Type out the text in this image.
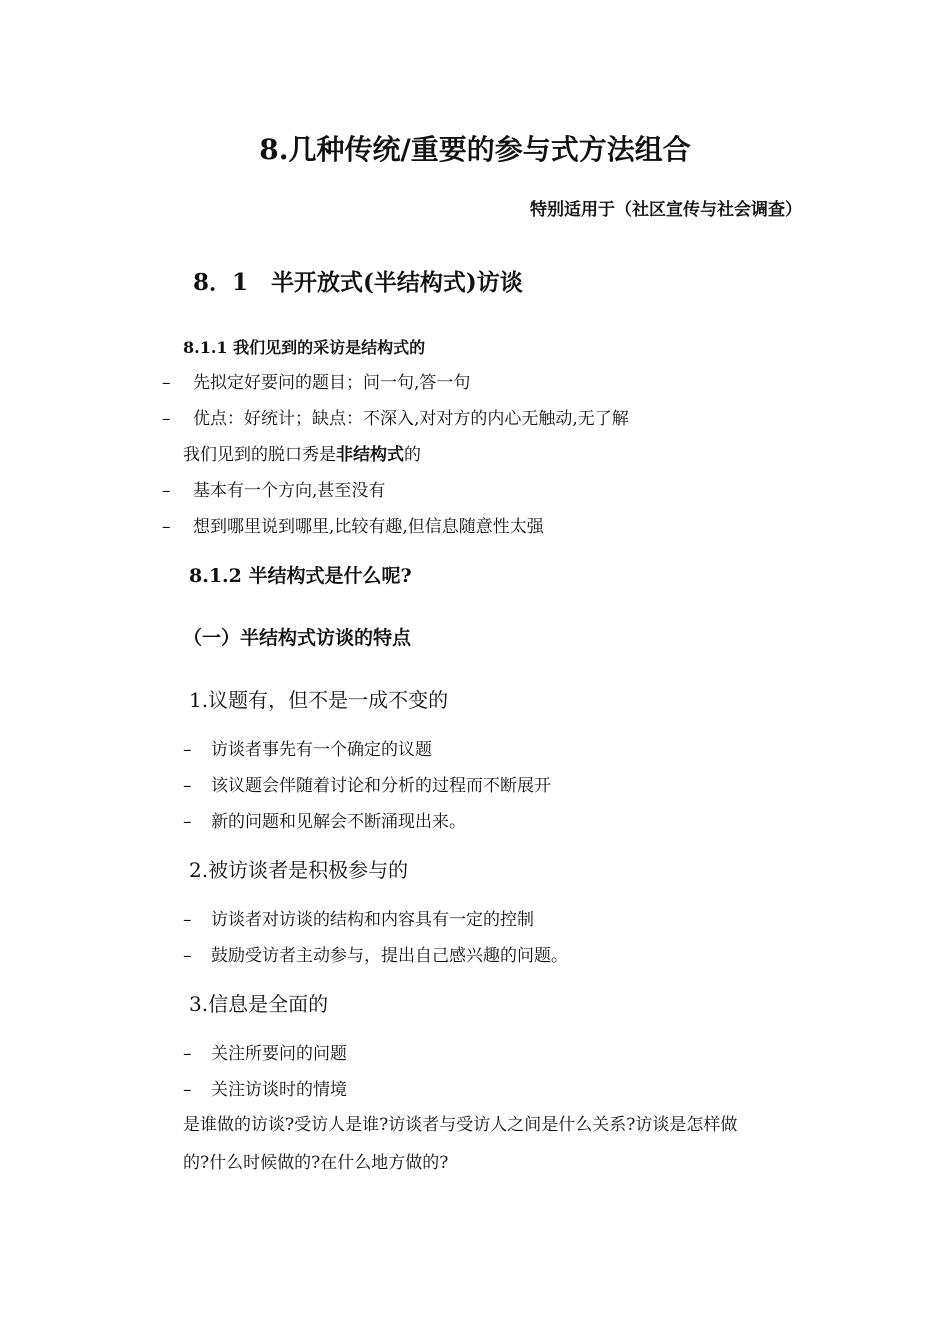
8.几种传统/重要的参与式方法组合
特别适用于（社区宣传与社会调查）
8．1　半开放式(半结构式)访谈
8.1.1 我们见到的采访是结构式的
– 先拟定好要问的题目；问一句,答一句
– 优点：好统计；缺点：不深入,对对方的内心无触动,无了解
我们见到的脱口秀是非结构式的
– 基本有一个方向,甚至没有
– 想到哪里说到哪里,比较有趣,但信息随意性太强
8.1.2 半结构式是什么呢?
（一）半结构式访谈的特点
1.议题有，但不是一成不变的
– 访谈者事先有一个确定的议题
– 该议题会伴随着讨论和分析的过程而不断展开
– 新的问题和见解会不断涌现出来。
2.被访谈者是积极参与的
– 访谈者对访谈的结构和内容具有一定的控制
– 鼓励受访者主动参与，提出自己感兴趣的问题。
3.信息是全面的
– 关注所要问的问题
– 关注访谈时的情境
是谁做的访谈?受访人是谁?访谈者与受访人之间是什么关系?访谈是怎样做
的?什么时候做的?在什么地方做的?
